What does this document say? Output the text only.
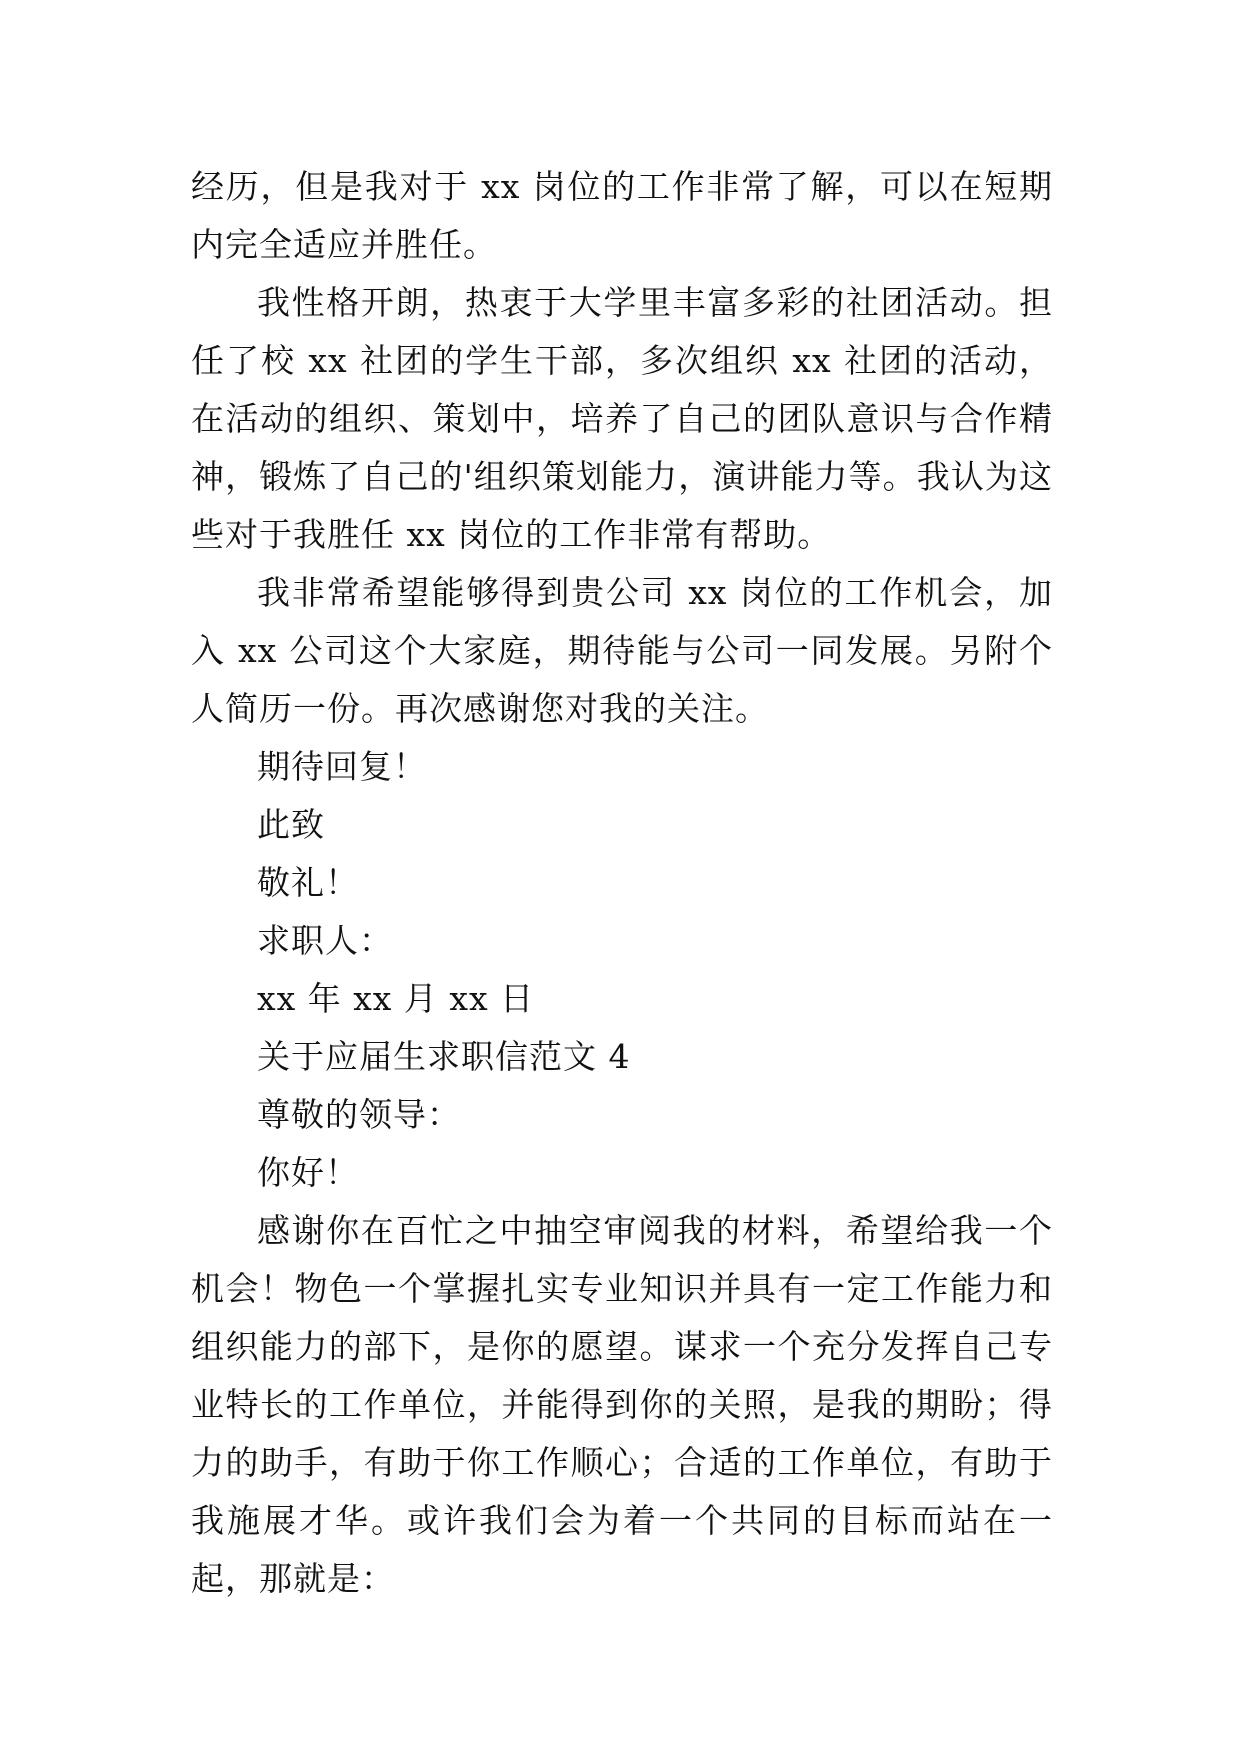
经历，但是我对于 xx 岗位的工作非常了解，可以在短期内完全适应并胜任。

我性格开朗，热衷于大学里丰富多彩的社团活动。担任了校 xx 社团的学生干部，多次组织 xx 社团的活动，在活动的组织、策划中，培养了自己的团队意识与合作精神，锻炼了自己的'组织策划能力，演讲能力等。我认为这些对于我胜任 xx 岗位的工作非常有帮助。

我非常希望能够得到贵公司 xx 岗位的工作机会，加入 xx 公司这个大家庭，期待能与公司一同发展。另附个人简历一份。再次感谢您对我的关注。

期待回复！

此致

敬礼！

求职人：

xx 年 xx 月 xx 日

关于应届生求职信范文 4

尊敬的领导：

你好！

感谢你在百忙之中抽空审阅我的材料，希望给我一个机会！物色一个掌握扎实专业知识并具有一定工作能力和组织能力的部下，是你的愿望。谋求一个充分发挥自己专业特长的工作单位，并能得到你的关照，是我的期盼；得力的助手，有助于你工作顺心；合适的工作单位，有助于我施展才华。或许我们会为着一个共同的目标而站在一起，那就是：
